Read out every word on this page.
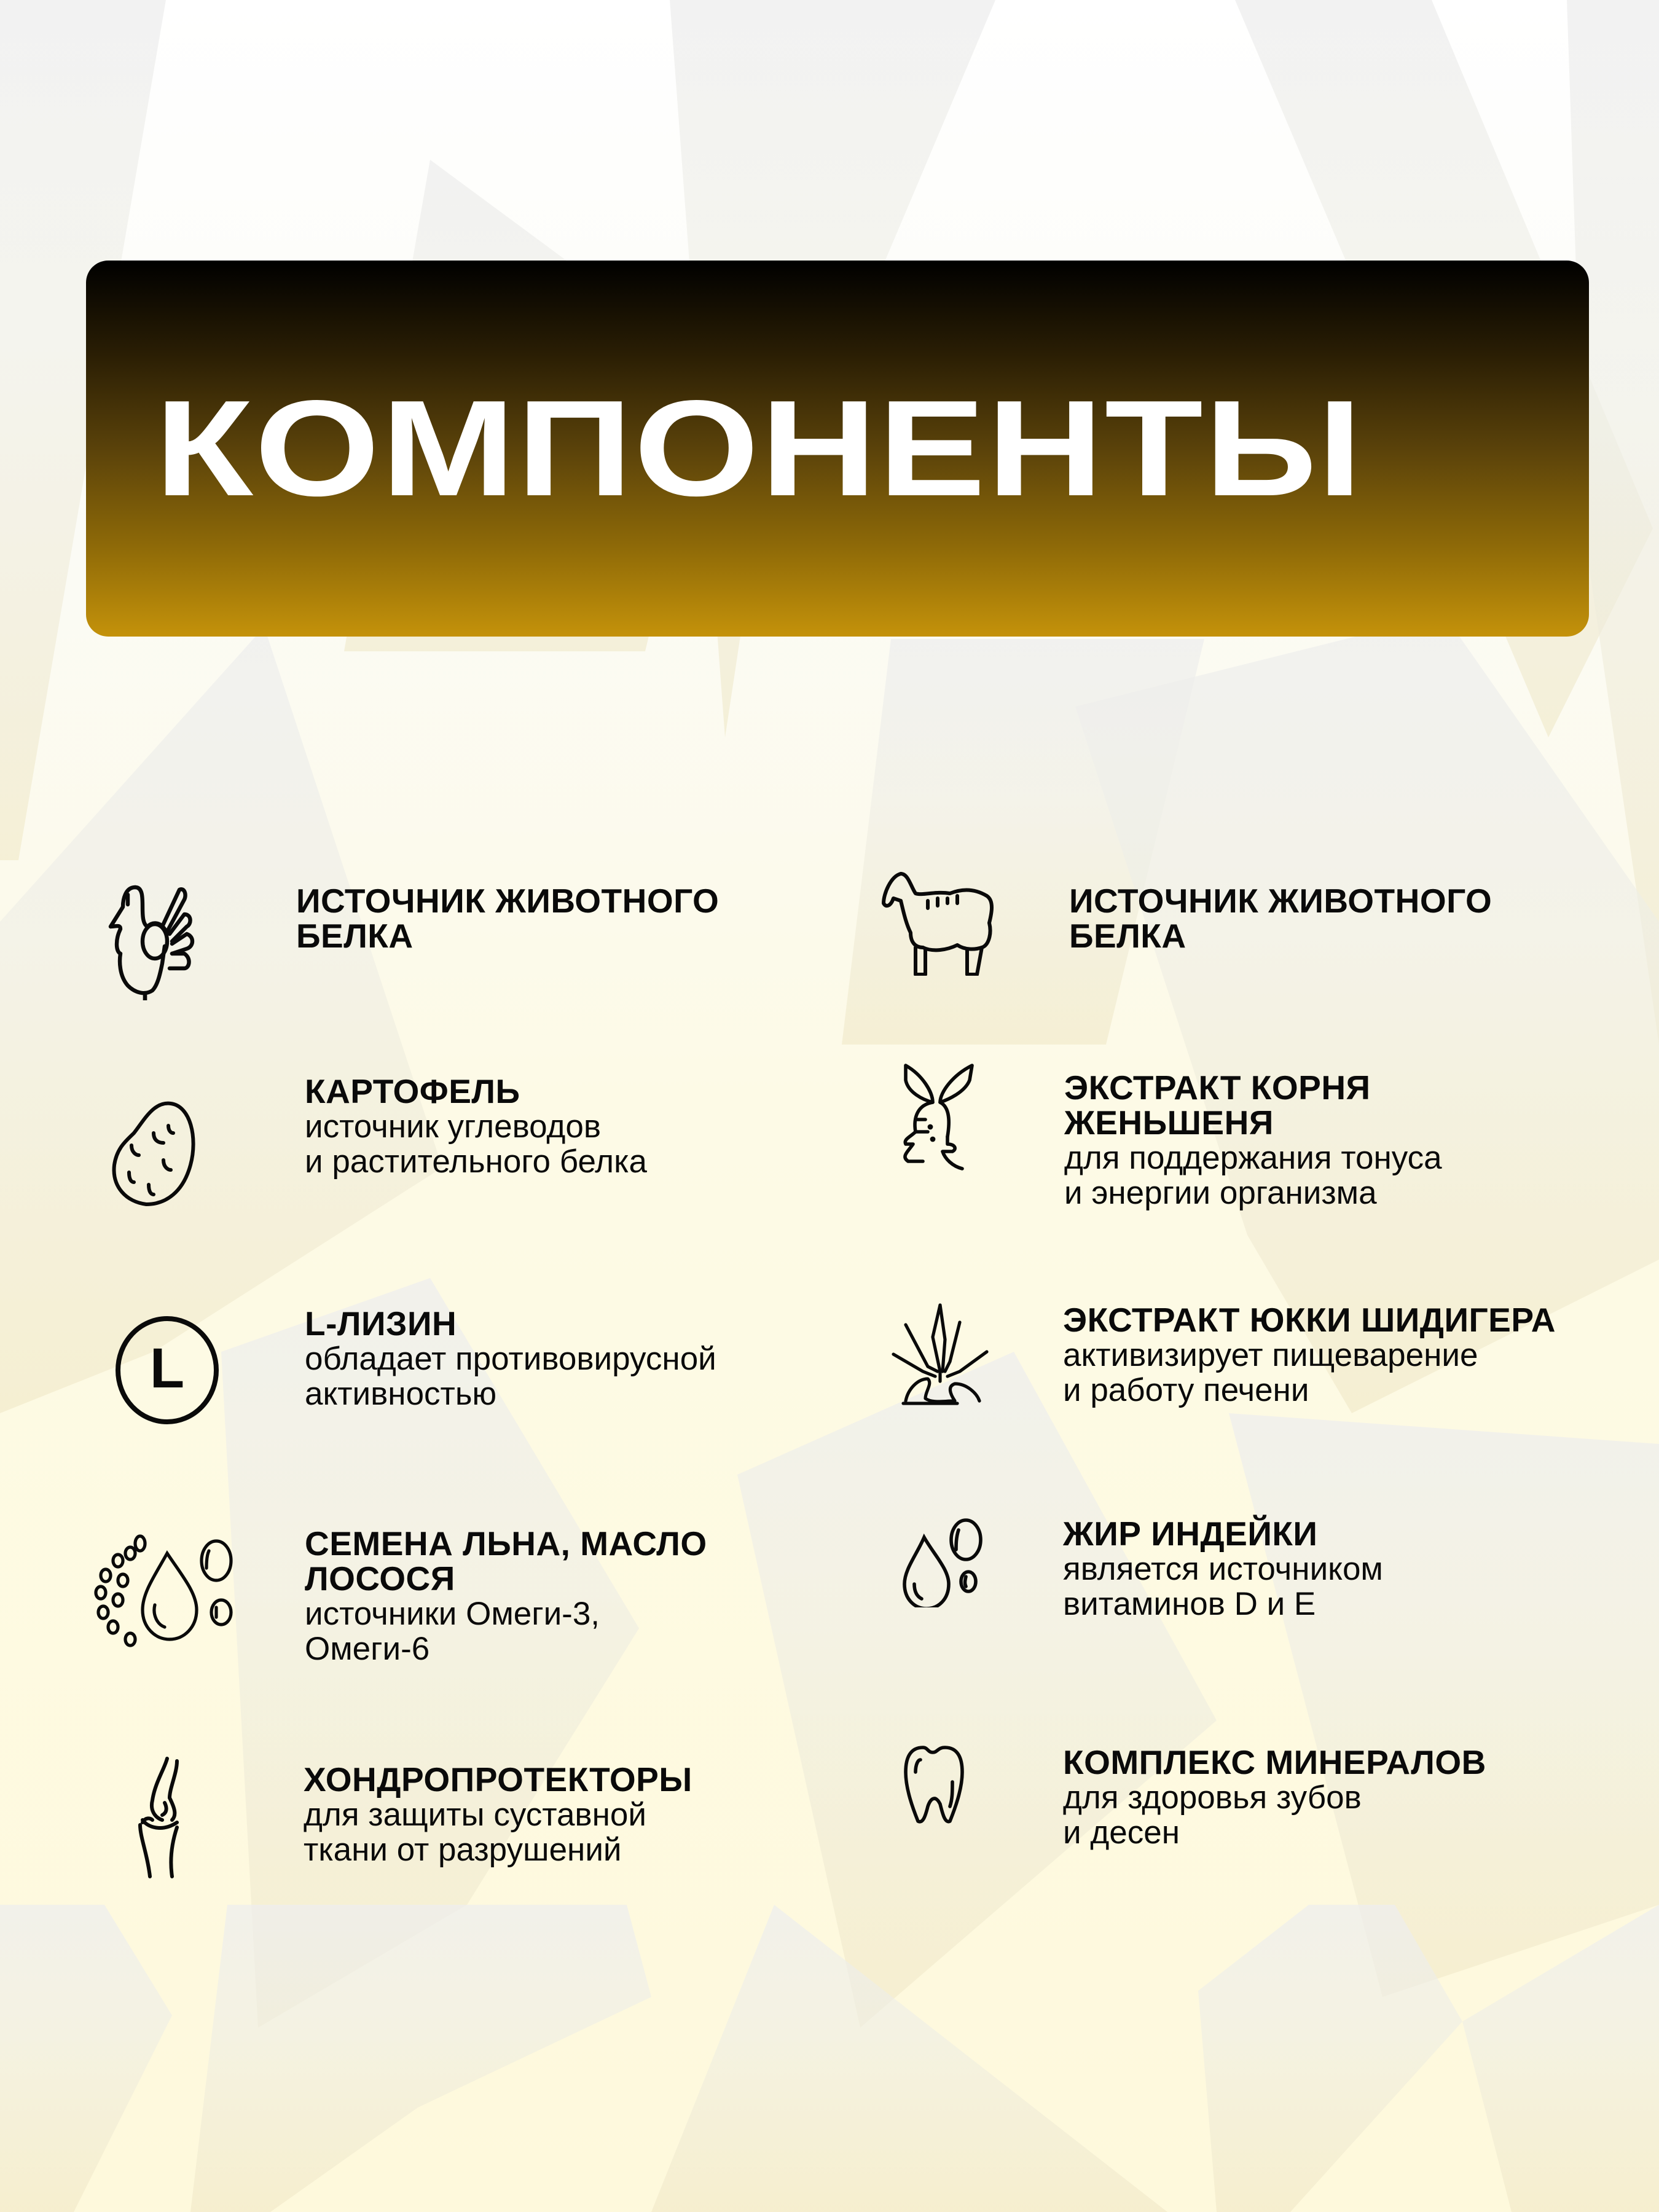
КОМПОНЕНТЫ
ИСТОЧНИК ЖИВОТНОГО
БЕЛКА
КАРТОФЕЛЬ
источник углеводов
и растительного белка
L
L-ЛИЗИН
обладает противовирусной
активностью
СЕМЕНА ЛЬНА, МАСЛО
ЛОСОСЯ
источники Омеги-3,
Омеги-6
ХОНДРОПРОТЕКТОРЫ
для защиты суставной
ткани от разрушений
ИСТОЧНИК ЖИВОТНОГО
БЕЛКА
ЭКСТРАКТ КОРНЯ
ЖЕНЬШЕНЯ
для поддержания тонуса
и энергии организма
ЭКСТРАКТ ЮККИ ШИДИГЕРА
активизирует пищеварение
и работу печени
ЖИР ИНДЕЙКИ
является источником
витаминов D и E
КОМПЛЕКС МИНЕРАЛОВ
для здоровья зубов
и десен
